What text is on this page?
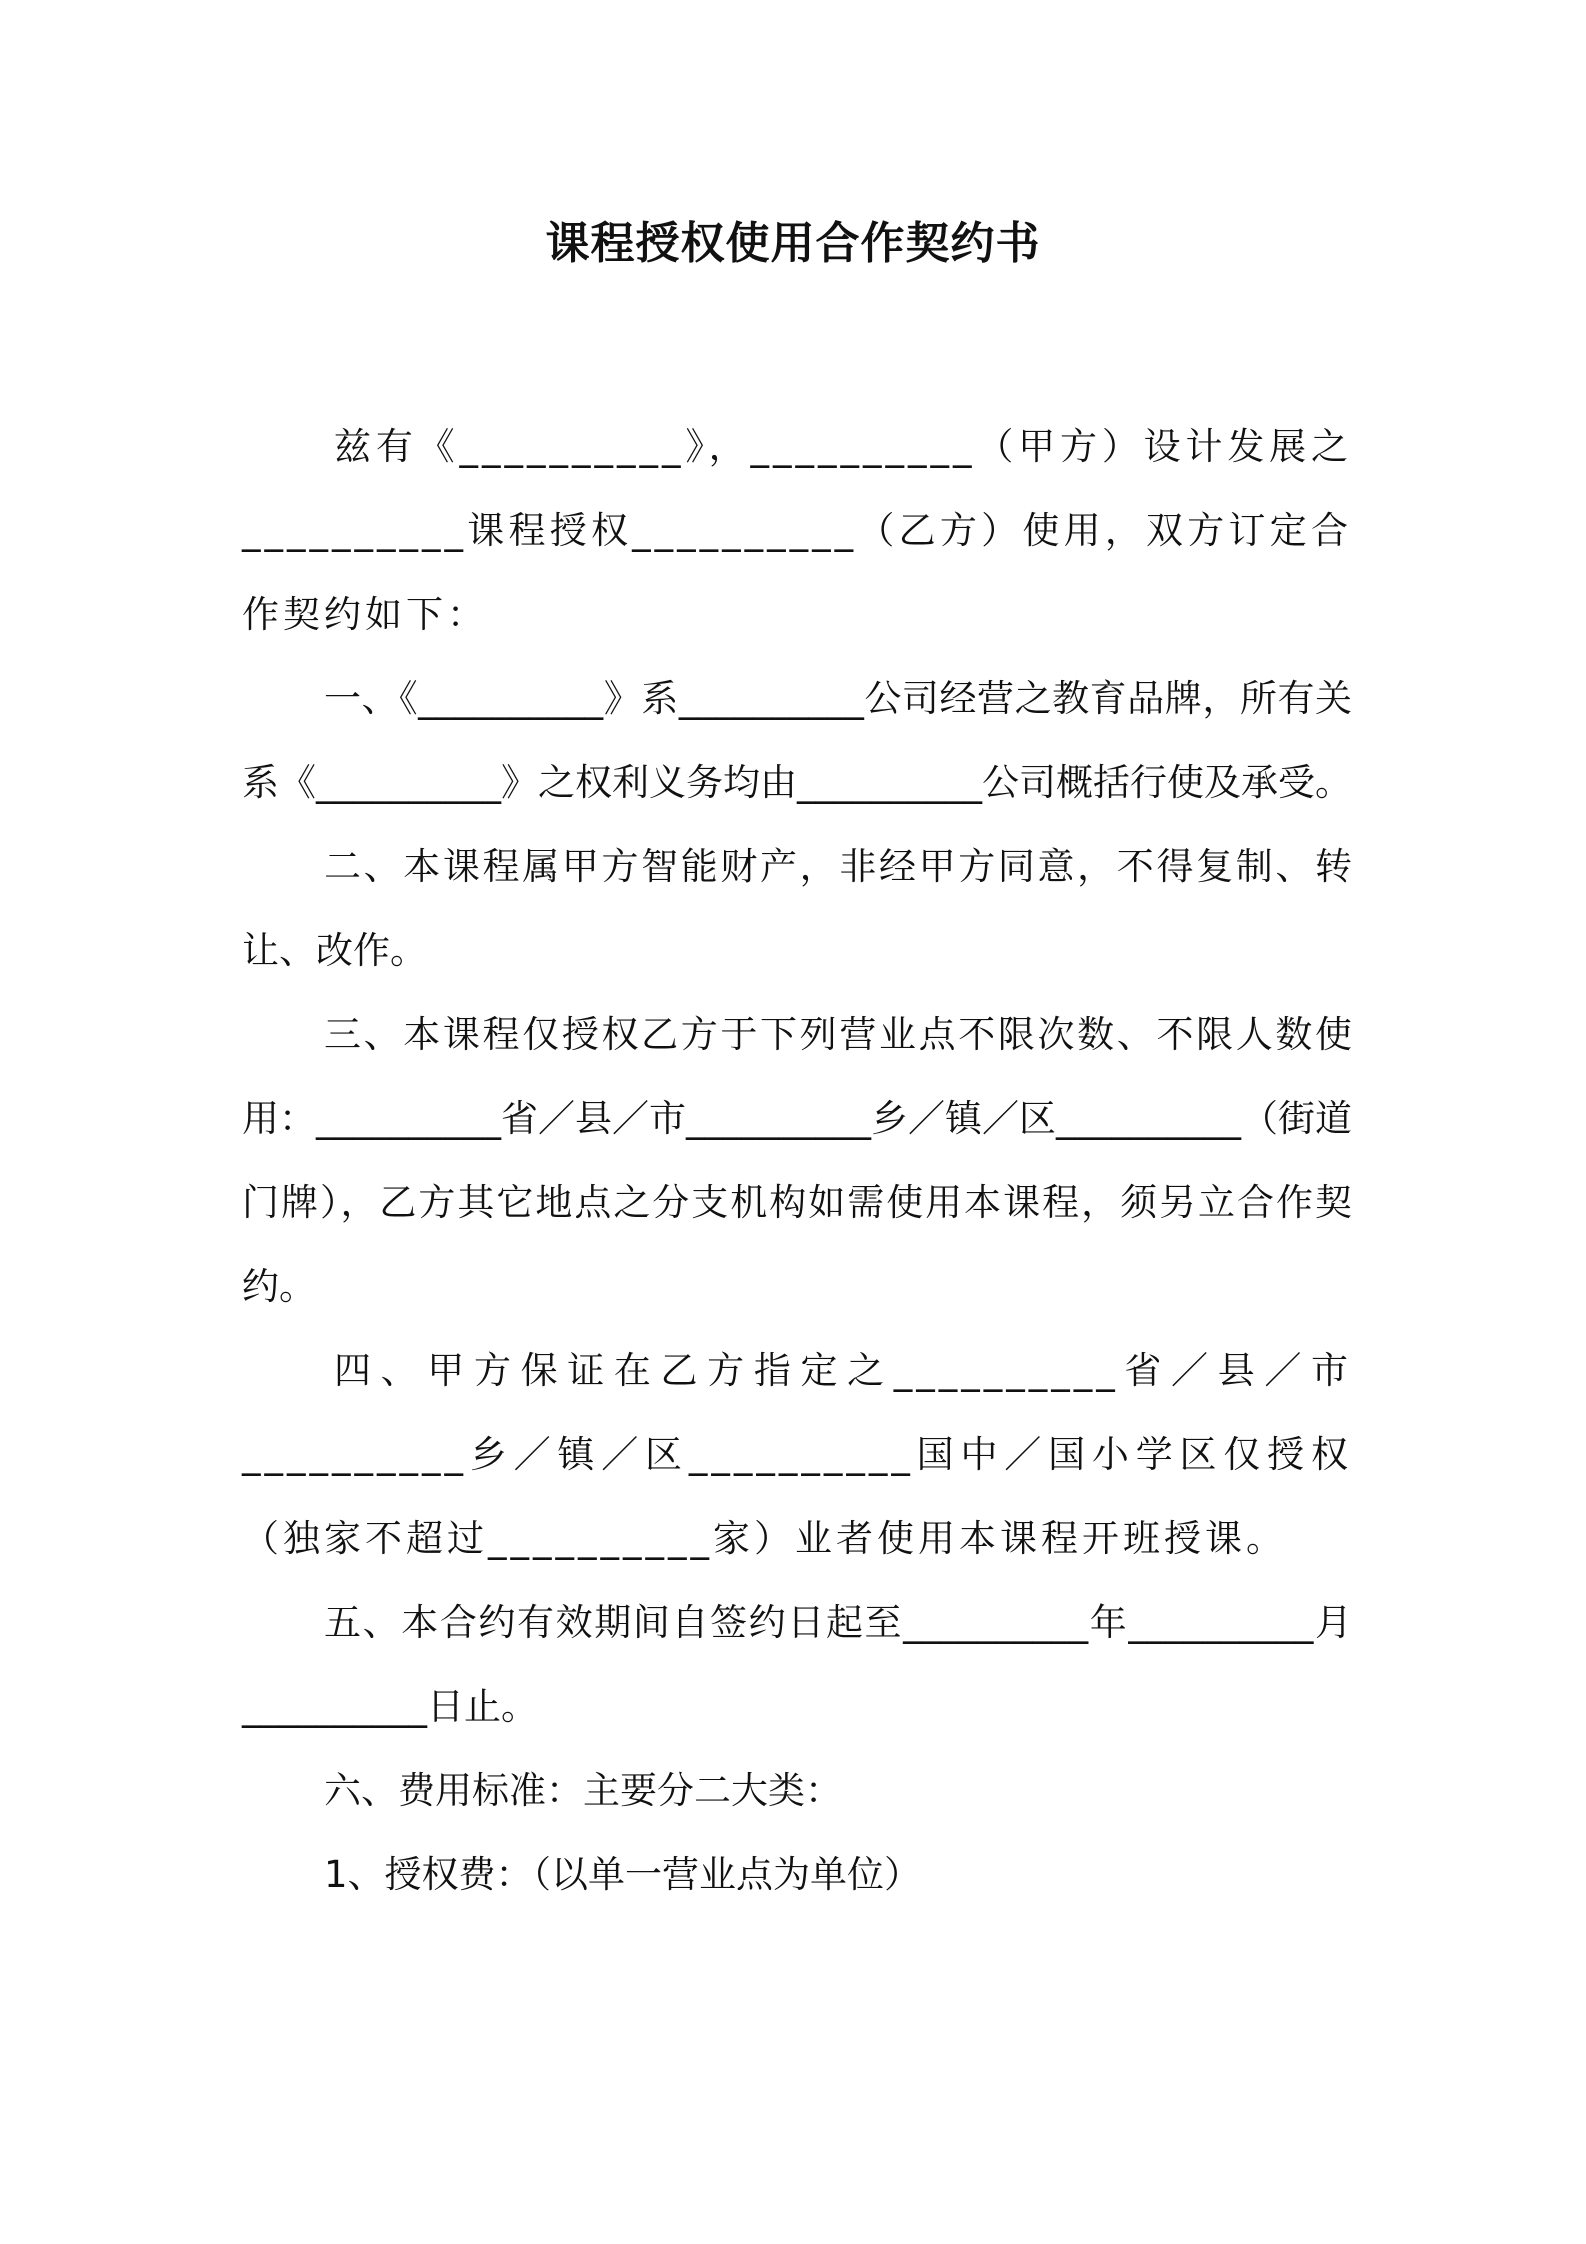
课程授权使用合作契约书

兹有《__________》，__________（甲方）设计发展之__________课程授权__________（乙方）使用，双方订定合作契约如下：

一、《__________》系__________公司经营之教育品牌，所有关系《__________》之权利义务均由__________公司概括行使及承受。

二、本课程属甲方智能财产，非经甲方同意，不得复制、转让、改作。

三、本课程仅授权乙方于下列营业点不限次数、不限人数使用：__________省／县／市__________乡／镇／区__________（街道门牌），乙方其它地点之分支机构如需使用本课程，须另立合作契约。

四、甲方保证在乙方指定之__________省／县／市__________乡／镇／区__________国中／国小学区仅授权（独家不超过__________家）业者使用本课程开班授课。

五、本合约有效期间自签约日起至__________年__________月__________日止。

六、费用标准：主要分二大类：

1、授权费：（以单一营业点为单位）
